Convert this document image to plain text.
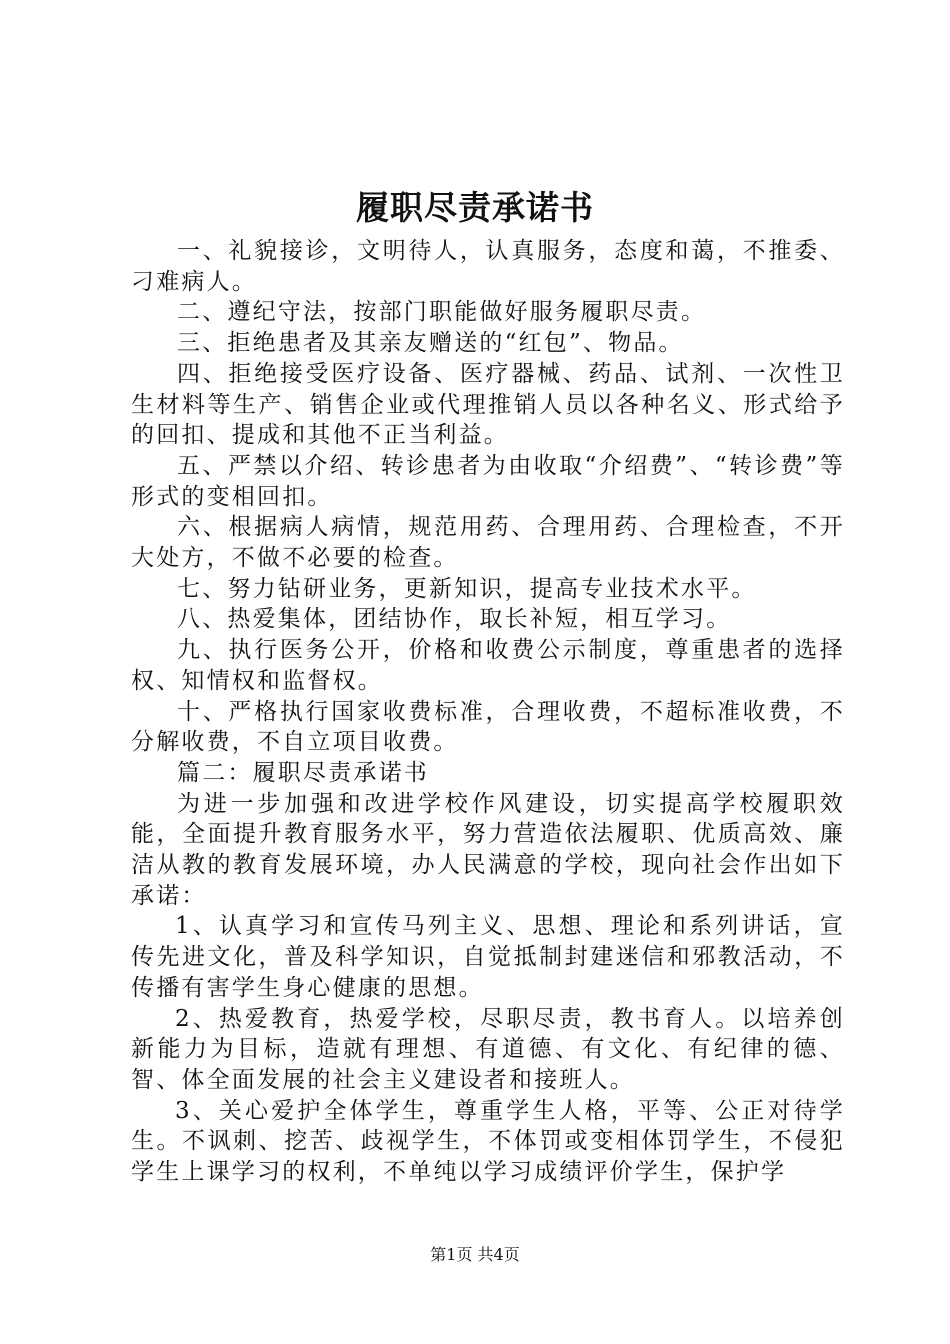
履职尽责承诺书

一、礼貌接诊，文明待人，认真服务，态度和蔼，不推委、刁难病人。

二、遵纪守法，按部门职能做好服务履职尽责。

三、拒绝患者及其亲友赠送的“红包”、物品。

四、拒绝接受医疗设备、医疗器械、药品、试剂、一次性卫生材料等生产、销售企业或代理推销人员以各种名义、形式给予的回扣、提成和其他不正当利益。

五、严禁以介绍、转诊患者为由收取“介绍费”、“转诊费”等形式的变相回扣。

六、根据病人病情，规范用药、合理用药、合理检查，不开大处方，不做不必要的检查。

七、努力钻研业务，更新知识，提高专业技术水平。

八、热爱集体，团结协作，取长补短，相互学习。

九、执行医务公开，价格和收费公示制度，尊重患者的选择权、知情权和监督权。

十、严格执行国家收费标准，合理收费，不超标准收费，不分解收费，不自立项目收费。

篇二：履职尽责承诺书

为进一步加强和改进学校作风建设，切实提高学校履职效能，全面提升教育服务水平，努力营造依法履职、优质高效、廉洁从教的教育发展环境，办人民满意的学校，现向社会作出如下承诺：

1、认真学习和宣传马列主义、思想、理论和系列讲话，宣传先进文化，普及科学知识，自觉抵制封建迷信和邪教活动，不传播有害学生身心健康的思想。

2、热爱教育，热爱学校，尽职尽责，教书育人。以培养创新能力为目标，造就有理想、有道德、有文化、有纪律的德、智、体全面发展的社会主义建设者和接班人。

3、关心爱护全体学生，尊重学生人格，平等、公正对待学生。不讽刺、挖苦、歧视学生，不体罚或变相体罚学生，不侵犯学生上课学习的权利，不单纯以学习成绩评价学生，保护学

第1页 共4页
